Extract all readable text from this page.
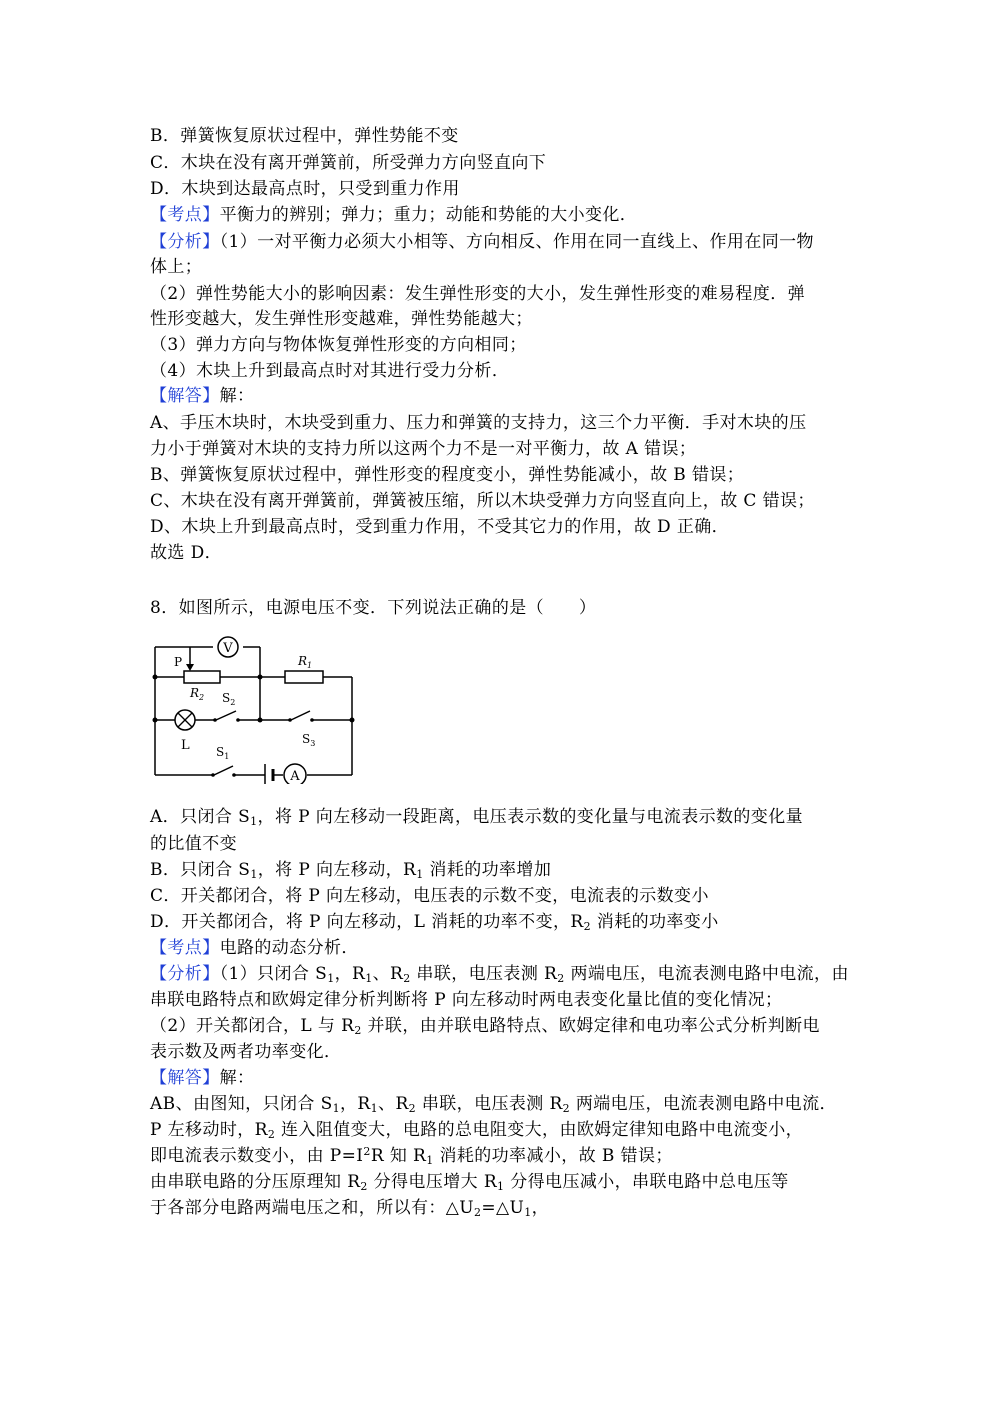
B．弹簧恢复原状过程中，弹性势能不变
C．木块在没有离开弹簧前，所受弹力方向竖直向下
D．木块到达最高点时，只受到重力作用
【考点】平衡力的辨别；弹力；重力；动能和势能的大小变化．
【分析】（1）一对平衡力必须大小相等、方向相反、作用在同一直线上、作用在同一物
体上；
（2）弹性势能大小的影响因素：发生弹性形变的大小，发生弹性形变的难易程度．弹
性形变越大，发生弹性形变越难，弹性势能越大；
（3）弹力方向与物体恢复弹性形变的方向相同；
（4）木块上升到最高点时对其进行受力分析．
【解答】解：
A、手压木块时，木块受到重力、压力和弹簧的支持力，这三个力平衡．手对木块的压
力小于弹簧对木块的支持力所以这两个力不是一对平衡力，故 A 错误；
B、弹簧恢复原状过程中，弹性形变的程度变小，弹性势能减小，故 B 错误；
C、木块在没有离开弹簧前，弹簧被压缩，所以木块受弹力方向竖直向上，故 C 错误；
D、木块上升到最高点时，受到重力作用，不受其它力的作用，故 D 正确．
故选 D．
8．如图所示，电源电压不变．下列说法正确的是（　　）
V
P
$R_2$
$R_1$
L
$S_2$
$S_3$
$S_1$
A
A．只闭合 $S_1$，将 P 向左移动一段距离，电压表示数的变化量与电流表示数的变化量
的比值不变
B．只闭合 $S_1$，将 P 向左移动，$R_1$ 消耗的功率增加
C．开关都闭合，将 P 向左移动，电压表的示数不变，电流表的示数变小
D．开关都闭合，将 P 向左移动，L 消耗的功率不变，$R_2$ 消耗的功率变小
【考点】电路的动态分析．
【分析】（1）只闭合 $S_1$，$R_1$、$R_2$ 串联，电压表测 $R_2$ 两端电压，电流表测电路中电流，由
串联电路特点和欧姆定律分析判断将 P 向左移动时两电表变化量比值的变化情况；
（2）开关都闭合，L 与 $R_2$ 并联，由并联电路特点、欧姆定律和电功率公式分析判断电
表示数及两者功率变化．
【解答】解：
AB、由图知，只闭合 $S_1$，$R_1$、$R_2$ 串联，电压表测 $R_2$ 两端电压，电流表测电路中电流．
P 左移动时，$R_2$ 连入阻值变大，电路的总电阻变大，由欧姆定律知电路中电流变小，
即电流表示数变小，由 $P=I^2R$ 知 $R_1$ 消耗的功率减小，故 B 错误；
由串联电路的分压原理知 $R_2$ 分得电压增大 $R_1$ 分得电压减小，串联电路中总电压等
于各部分电路两端电压之和，所以有：$\triangle U_2=\triangle U_1$，
